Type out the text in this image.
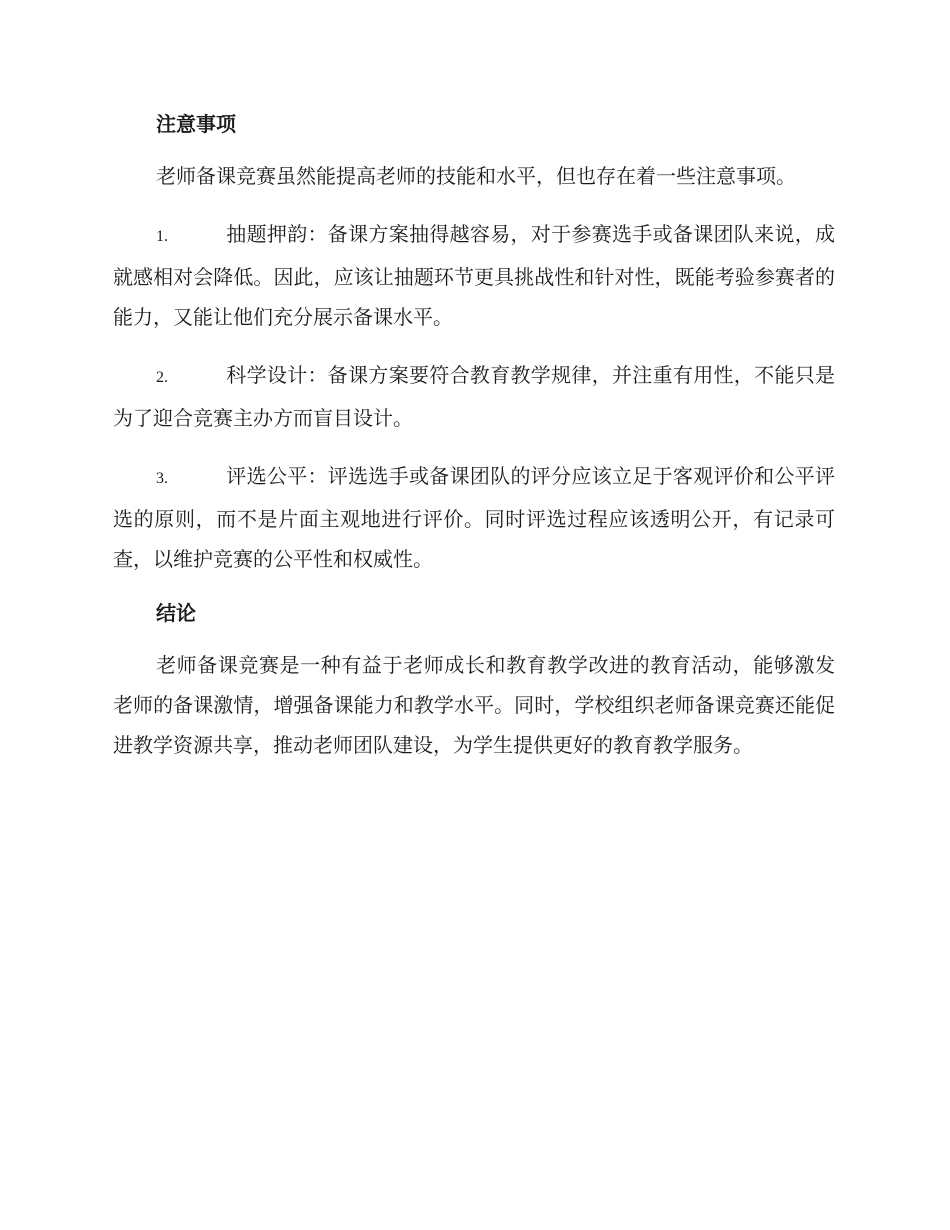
注意事项

老师备课竞赛虽然能提高老师的技能和水平，但也存在着一些注意事项。

1.	抽题押韵：备课方案抽得越容易，对于参赛选手或备课团队来说，成就感相对会降低。因此，应该让抽题环节更具挑战性和针对性，既能考验参赛者的能力，又能让他们充分展示备课水平。

2.	科学设计：备课方案要符合教育教学规律，并注重有用性，不能只是为了迎合竞赛主办方而盲目设计。

3.	评选公平：评选选手或备课团队的评分应该立足于客观评价和公平评选的原则，而不是片面主观地进行评价。同时评选过程应该透明公开，有记录可查，以维护竞赛的公平性和权威性。

结论

老师备课竞赛是一种有益于老师成长和教育教学改进的教育活动，能够激发老师的备课激情，增强备课能力和教学水平。同时，学校组织老师备课竞赛还能促进教学资源共享，推动老师团队建设，为学生提供更好的教育教学服务。
